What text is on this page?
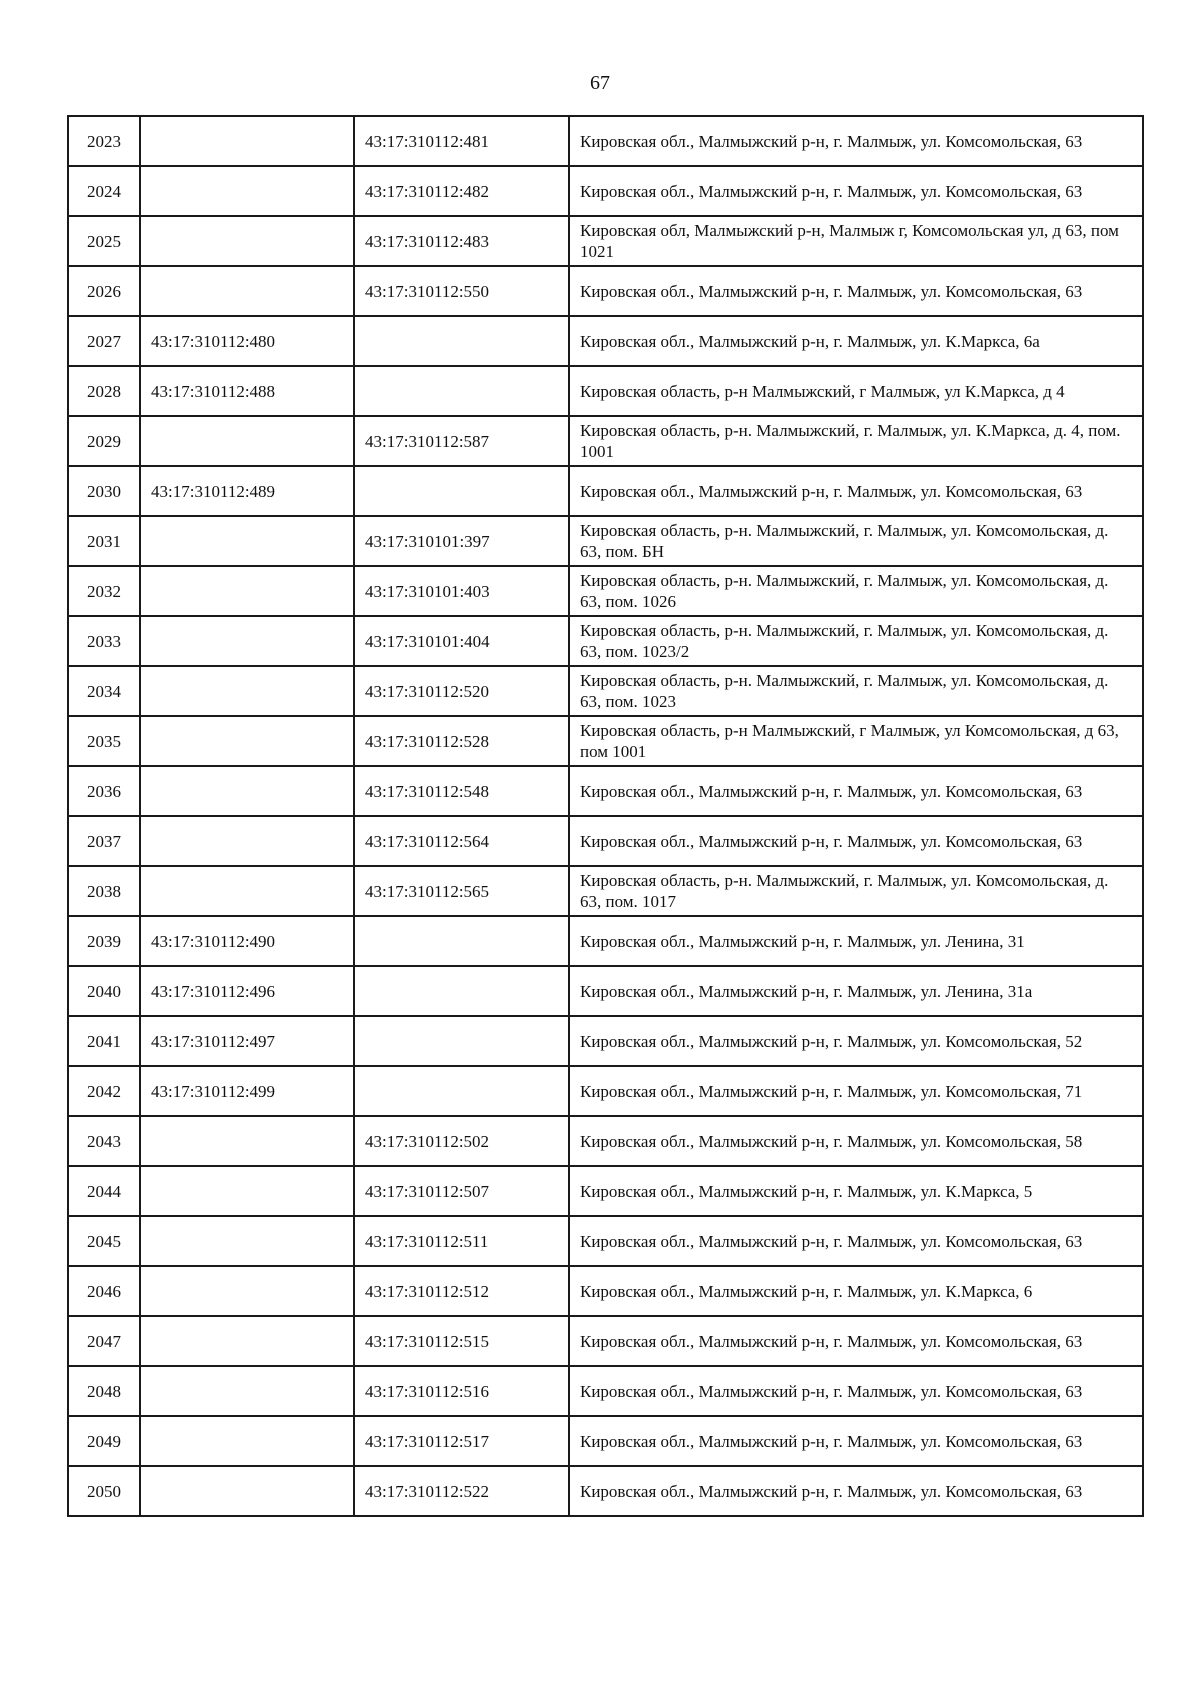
67
2023		43:17:310112:481	Кировская обл., Малмыжский р-н, г. Малмыж, ул. Комсомольская, 63
2024		43:17:310112:482	Кировская обл., Малмыжский р-н, г. Малмыж, ул. Комсомольская, 63
2025		43:17:310112:483	Кировская обл, Малмыжский р-н, Малмыж г, Комсомольская ул, д 63, пом 1021
2026		43:17:310112:550	Кировская обл., Малмыжский р-н, г. Малмыж, ул. Комсомольская, 63
2027	43:17:310112:480		Кировская обл., Малмыжский р-н, г. Малмыж, ул. К.Маркса, 6а
2028	43:17:310112:488		Кировская область, р-н Малмыжский, г Малмыж, ул К.Маркса, д 4
2029		43:17:310112:587	Кировская область, р-н. Малмыжский, г. Малмыж, ул. К.Маркса, д. 4, пом. 1001
2030	43:17:310112:489		Кировская обл., Малмыжский р-н, г. Малмыж, ул. Комсомольская, 63
2031		43:17:310101:397	Кировская область, р-н. Малмыжский, г. Малмыж, ул. Комсомольская, д. 63, пом. БН
2032		43:17:310101:403	Кировская область, р-н. Малмыжский, г. Малмыж, ул. Комсомольская, д. 63, пом. 1026
2033		43:17:310101:404	Кировская область, р-н. Малмыжский, г. Малмыж, ул. Комсомольская, д. 63, пом. 1023/2
2034		43:17:310112:520	Кировская область, р-н. Малмыжский, г. Малмыж, ул. Комсомольская, д. 63, пом. 1023
2035		43:17:310112:528	Кировская область, р-н Малмыжский, г Малмыж, ул Комсомольская, д 63, пом 1001
2036		43:17:310112:548	Кировская обл., Малмыжский р-н, г. Малмыж, ул. Комсомольская, 63
2037		43:17:310112:564	Кировская обл., Малмыжский р-н, г. Малмыж, ул. Комсомольская, 63
2038		43:17:310112:565	Кировская область, р-н. Малмыжский, г. Малмыж, ул. Комсомольская, д. 63, пом. 1017
2039	43:17:310112:490		Кировская обл., Малмыжский р-н, г. Малмыж, ул. Ленина, 31
2040	43:17:310112:496		Кировская обл., Малмыжский р-н, г. Малмыж, ул. Ленина, 31а
2041	43:17:310112:497		Кировская обл., Малмыжский р-н, г. Малмыж, ул. Комсомольская, 52
2042	43:17:310112:499		Кировская обл., Малмыжский р-н, г. Малмыж, ул. Комсомольская, 71
2043		43:17:310112:502	Кировская обл., Малмыжский р-н, г. Малмыж, ул. Комсомольская, 58
2044		43:17:310112:507	Кировская обл., Малмыжский р-н, г. Малмыж, ул. К.Маркса, 5
2045		43:17:310112:511	Кировская обл., Малмыжский р-н, г. Малмыж, ул. Комсомольская, 63
2046		43:17:310112:512	Кировская обл., Малмыжский р-н, г. Малмыж, ул. К.Маркса, 6
2047		43:17:310112:515	Кировская обл., Малмыжский р-н, г. Малмыж, ул. Комсомольская, 63
2048		43:17:310112:516	Кировская обл., Малмыжский р-н, г. Малмыж, ул. Комсомольская, 63
2049		43:17:310112:517	Кировская обл., Малмыжский р-н, г. Малмыж, ул. Комсомольская, 63
2050		43:17:310112:522	Кировская обл., Малмыжский р-н, г. Малмыж, ул. Комсомольская, 63
